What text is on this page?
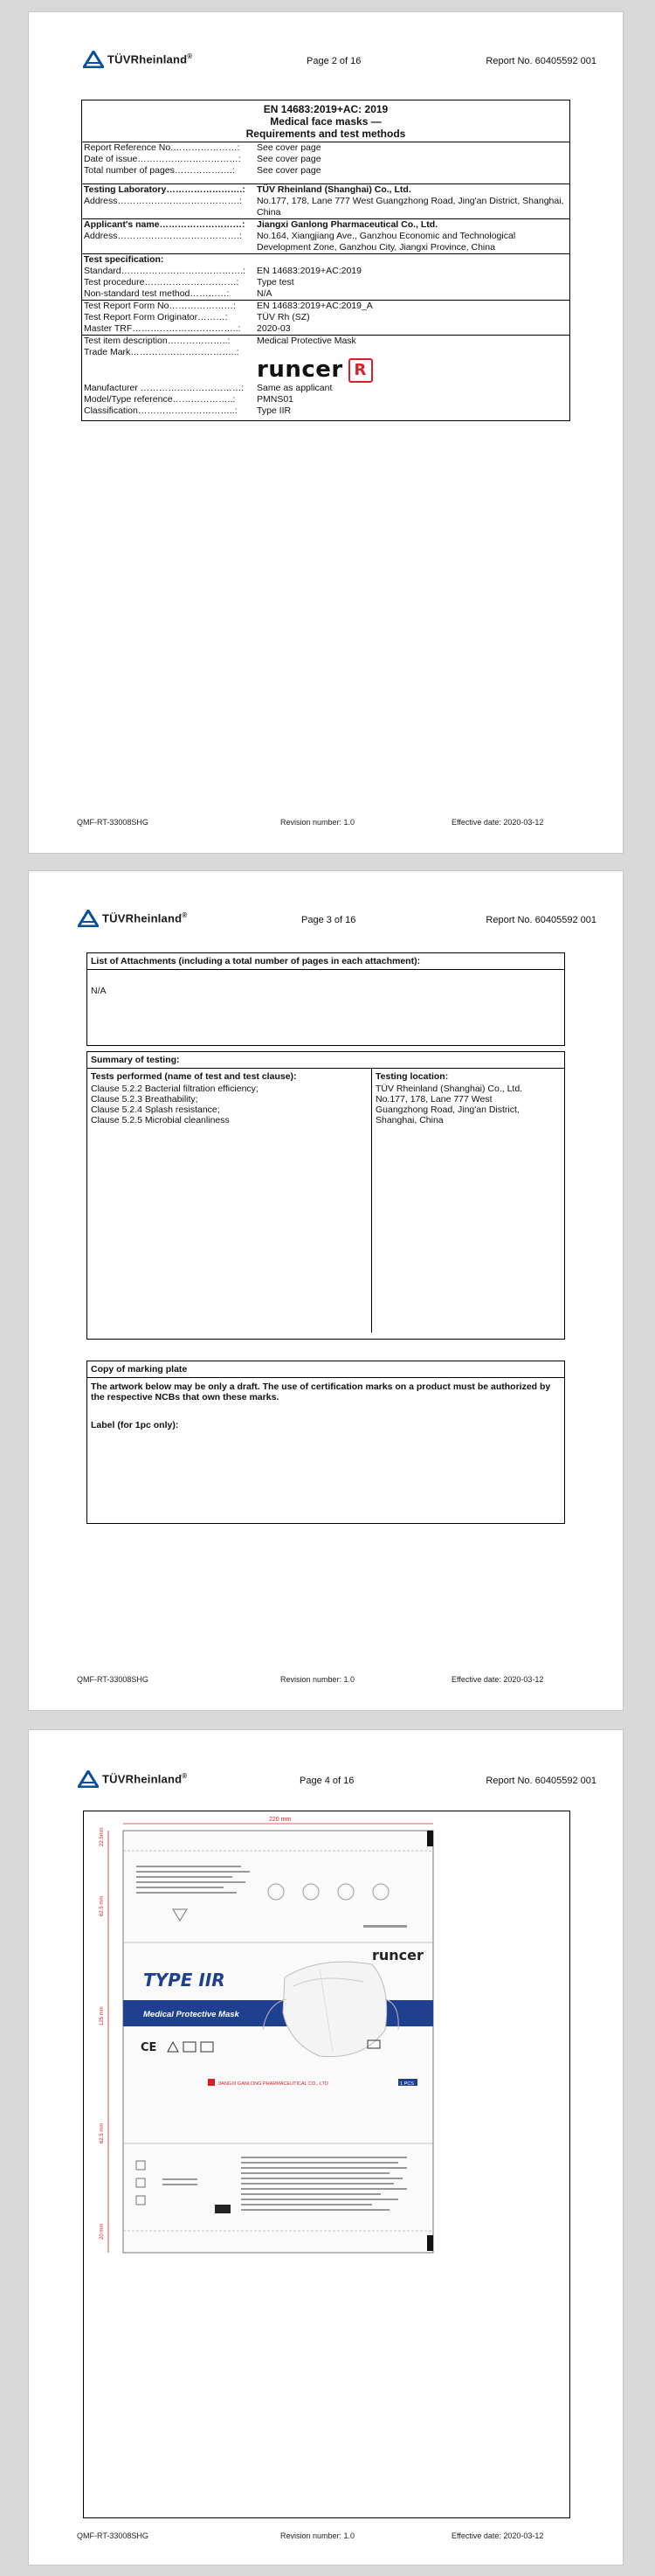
TÜVRheinland®	Page 2 of 16	Report No. 60405592 001
EN 14683:2019+AC: 2019
Medical face masks —
Requirements and test methods
Report Reference No.…………………:	See cover page
Date of issue……………………………:	See cover page
Total number of pages……………….:	See cover page
Testing Laboratory…………………….:	TÜV Rheinland (Shanghai) Co., Ltd.
Address………………………………….:	No.177, 178, Lane 777 West Guangzhong Road, Jing'an District, Shanghai, China
Applicant's name………………………:	Jiangxi Ganlong Pharmaceutical Co., Ltd.
Address………………………………….:	No.164, Xiangjiang Ave., Ganzhou Economic and Technological Development Zone, Ganzhou City, Jiangxi Province, China
Test specification:
Standard………………………………….:	EN 14683:2019+AC:2019
Test procedure…………………………:	Type test
Non-standard test method…………:	N/A
Test Report Form No…………………:	EN 14683:2019+AC:2019_A
Test Report Form Originator………:	TÜV Rh (SZ)
Master TRF……………………………..:	2020-03
Test item description………………..:	Medical Protective Mask
Trade Mark……………………………..:
runcer R
Manufacturer ……………………………:	Same as applicant
Model/Type reference………………..:	PMNS01
Classification…………………………..:	Type IIR
QMF-RT-33008SHG	Revision number: 1.0	Effective date: 2020-03-12
TÜVRheinland®	Page 3 of 16	Report No. 60405592 001
List of Attachments (including a total number of pages in each attachment):
N/A
Summary of testing:
Tests performed (name of test and test clause):
Clause 5.2.2 Bacterial filtration efficiency;
Clause 5.2.3 Breathability;
Clause 5.2.4 Splash resistance;
Clause 5.2.5 Microbial cleanliness
Testing location:
TÜV Rheinland (Shanghai) Co., Ltd.
No.177, 178, Lane 777 West
Guangzhong Road, Jing'an District,
Shanghai, China
Copy of marking plate
The artwork below may be only a draft. The use of certification marks on a product must be authorized by the respective NCBs that own these marks.
Label (for 1pc only):
QMF-RT-33008SHG	Revision number: 1.0	Effective date: 2020-03-12
TÜVRheinland®	Page 4 of 16	Report No. 60405592 001
220 mm
22.5mm
62.5 mm
125 mm
62.5 mm
20 mm
runcer
TYPE IIR
Medical Protective Mask
CE
1 PCS
JIANGXI GANLONG PHARMACEUTICAL CO., LTD
QMF-RT-33008SHG	Revision number: 1.0	Effective date: 2020-03-12
